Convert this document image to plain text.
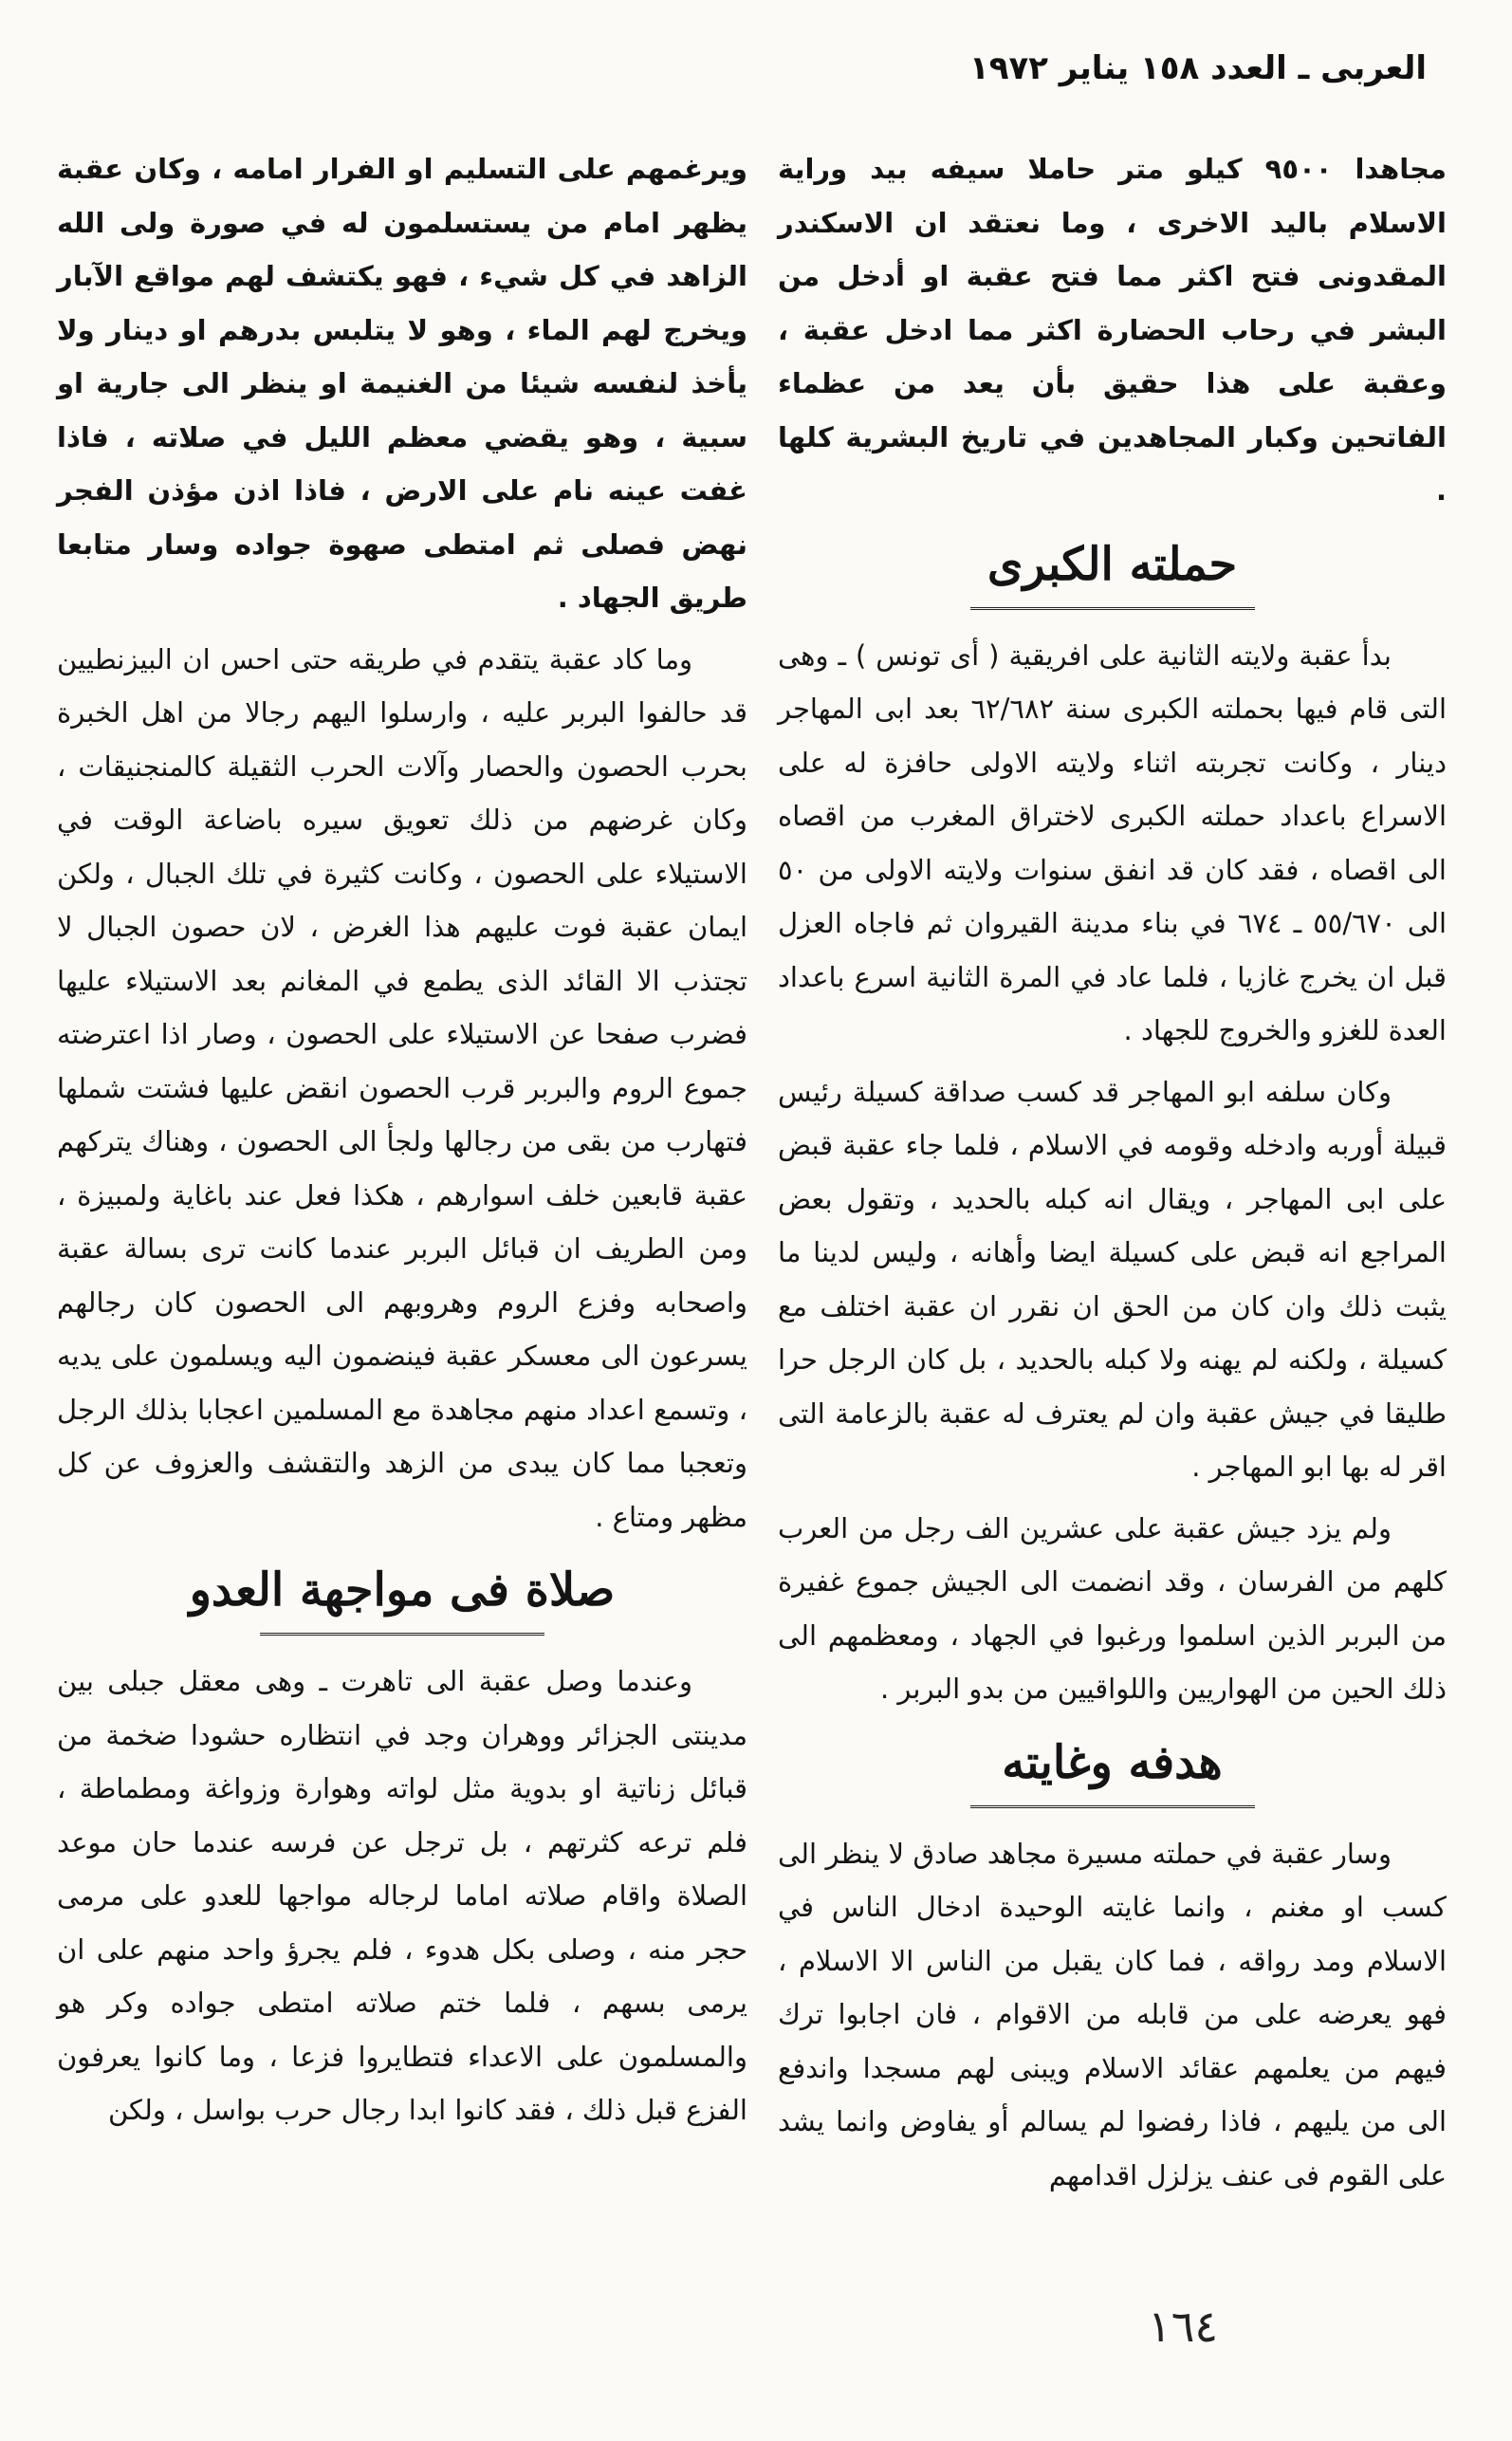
العربى ـ العدد ١٥٨ يناير ١٩٧٢

مجاهدا ٩٥٠٠ كيلو متر حاملا سيفه بيد وراية الاسلام باليد الاخرى ، وما نعتقد ان الاسكندر المقدونى فتح اكثر مما فتح عقبة او أدخل من البشر في رحاب الحضارة اكثر مما ادخل عقبة ، وعقبة على هذا حقيق بأن يعد من عظماء الفاتحين وكبار المجاهدين في تاريخ البشرية كلها .

حملته الكبرى

بدأ عقبة ولايته الثانية على افريقية ( أى تونس ) ـ وهى التى قام فيها بحملته الكبرى سنة ٦٢/٦٨٢ بعد ابى المهاجر دينار ، وكانت تجربته اثناء ولايته الاولى حافزة له على الاسراع باعداد حملته الكبرى لاختراق المغرب من اقصاه الى اقصاه ، فقد كان قد انفق سنوات ولايته الاولى من ٥٠ الى ٥٥/٦٧٠ ـ ٦٧٤ في بناء مدينة القيروان ثم فاجاه العزل قبل ان يخرج غازيا ، فلما عاد في المرة الثانية اسرع باعداد العدة للغزو والخروج للجهاد .

وكان سلفه ابو المهاجر قد كسب صداقة كسيلة رئيس قبيلة أوربه وادخله وقومه في الاسلام ، فلما جاء عقبة قبض على ابى المهاجر ، ويقال انه كبله بالحديد ، وتقول بعض المراجع انه قبض على كسيلة ايضا وأهانه ، وليس لدينا ما يثبت ذلك وان كان من الحق ان نقرر ان عقبة اختلف مع كسيلة ، ولكنه لم يهنه ولا كبله بالحديد ، بل كان الرجل حرا طليقا في جيش عقبة وان لم يعترف له عقبة بالزعامة التى اقر له بها ابو المهاجر .

ولم يزد جيش عقبة على عشرين الف رجل من العرب كلهم من الفرسان ، وقد انضمت الى الجيش جموع غفيرة من البربر الذين اسلموا ورغبوا في الجهاد ، ومعظمهم الى ذلك الحين من الهواريين واللواقيين من بدو البربر .

هدفه وغايته

وسار عقبة في حملته مسيرة مجاهد صادق لا ينظر الى كسب او مغنم ، وانما غايته الوحيدة ادخال الناس في الاسلام ومد رواقه ، فما كان يقبل من الناس الا الاسلام ، فهو يعرضه على من قابله من الاقوام ، فان اجابوا ترك فيهم من يعلمهم عقائد الاسلام ويبنى لهم مسجدا واندفع الى من يليهم ، فاذا رفضوا لم يسالم أو يفاوض وانما يشد على القوم فى عنف يزلزل اقدامهم

ويرغمهم على التسليم او الفرار امامه ، وكان عقبة يظهر امام من يستسلمون له في صورة ولى الله الزاهد في كل شيء ، فهو يكتشف لهم مواقع الآبار ويخرج لهم الماء ، وهو لا يتلبس بدرهم او دينار ولا يأخذ لنفسه شيئا من الغنيمة او ينظر الى جارية او سبية ، وهو يقضي معظم الليل في صلاته ، فاذا غفت عينه نام على الارض ، فاذا اذن مؤذن الفجر نهض فصلى ثم امتطى صهوة جواده وسار متابعا طريق الجهاد .

وما كاد عقبة يتقدم في طريقه حتى احس ان البيزنطيين قد حالفوا البربر عليه ، وارسلوا اليهم رجالا من اهل الخبرة بحرب الحصون والحصار وآلات الحرب الثقيلة كالمنجنيقات ، وكان غرضهم من ذلك تعويق سيره باضاعة الوقت في الاستيلاء على الحصون ، وكانت كثيرة في تلك الجبال ، ولكن ايمان عقبة فوت عليهم هذا الغرض ، لان حصون الجبال لا تجتذب الا القائد الذى يطمع في المغانم بعد الاستيلاء عليها فضرب صفحا عن الاستيلاء على الحصون ، وصار اذا اعترضته جموع الروم والبربر قرب الحصون انقض عليها فشتت شملها فتهارب من بقى من رجالها ولجأ الى الحصون ، وهناك يتركهم عقبة قابعين خلف اسوارهم ، هكذا فعل عند باغاية ولمبيزة ، ومن الطريف ان قبائل البربر عندما كانت ترى بسالة عقبة واصحابه وفزع الروم وهروبهم الى الحصون كان رجالهم يسرعون الى معسكر عقبة فينضمون اليه ويسلمون على يديه ، وتسمع اعداد منهم مجاهدة مع المسلمين اعجابا بذلك الرجل وتعجبا مما كان يبدى من الزهد والتقشف والعزوف عن كل مظهر ومتاع .

صلاة فى مواجهة العدو

وعندما وصل عقبة الى تاهرت ـ وهى معقل جبلى بين مدينتى الجزائر ووهران وجد في انتظاره حشودا ضخمة من قبائل زناتية او بدوية مثل لواته وهوارة وزواغة ومطماطة ، فلم ترعه كثرتهم ، بل ترجل عن فرسه عندما حان موعد الصلاة واقام صلاته اماما لرجاله مواجها للعدو على مرمى حجر منه ، وصلى بكل هدوء ، فلم يجرؤ واحد منهم على ان يرمى بسهم ، فلما ختم صلاته امتطى جواده وكر هو والمسلمون على الاعداء فتطايروا فزعا ، وما كانوا يعرفون الفزع قبل ذلك ، فقد كانوا ابدا رجال حرب بواسل ، ولكن

١٦٤
